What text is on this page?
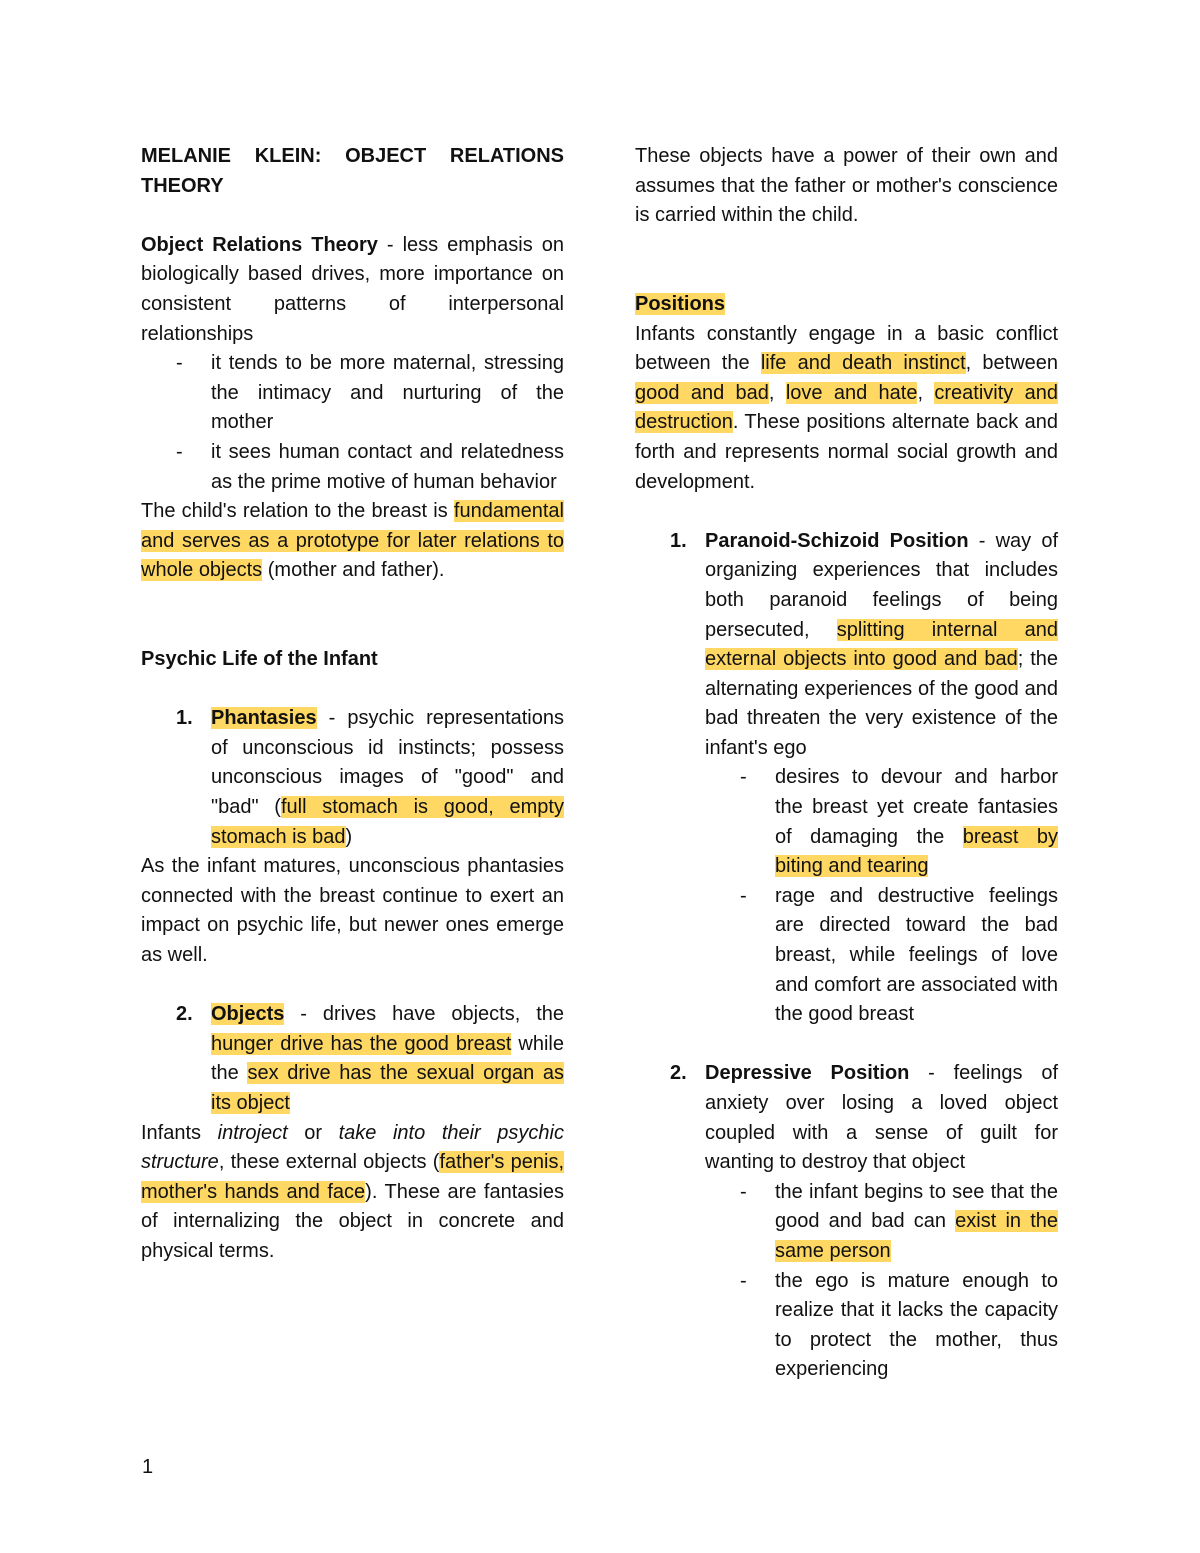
MELANIE KLEIN: OBJECT RELATIONS THEORY

Object Relations Theory - less emphasis on biologically based drives, more importance on consistent patterns of interpersonal relationships

- it tends to be more maternal, stressing the intimacy and nurturing of the mother
- it sees human contact and relatedness as the prime motive of human behavior

The child's relation to the breast is fundamental and serves as a prototype for later relations to whole objects (mother and father).

Psychic Life of the Infant

1. Phantasies - psychic representations of unconscious id instincts; possess unconscious images of "good" and "bad" (full stomach is good, empty stomach is bad)

As the infant matures, unconscious phantasies connected with the breast continue to exert an impact on psychic life, but newer ones emerge as well.

2. Objects - drives have objects, the hunger drive has the good breast while the sex drive has the sexual organ as its object

Infants introject or take into their psychic structure, these external objects (father's penis, mother's hands and face). These are fantasies of internalizing the object in concrete and physical terms.

These objects have a power of their own and assumes that the father or mother's conscience is carried within the child.

Positions

Infants constantly engage in a basic conflict between the life and death instinct, between good and bad, love and hate, creativity and destruction. These positions alternate back and forth and represents normal social growth and development.

1. Paranoid-Schizoid Position - way of organizing experiences that includes both paranoid feelings of being persecuted, splitting internal and external objects into good and bad; the alternating experiences of the good and bad threaten the very existence of the infant's ego
- desires to devour and harbor the breast yet create fantasies of damaging the breast by biting and tearing
- rage and destructive feelings are directed toward the bad breast, while feelings of love and comfort are associated with the good breast
2. Depressive Position - feelings of anxiety over losing a loved object coupled with a sense of guilt for wanting to destroy that object
- the infant begins to see that the good and bad can exist in the same person
- the ego is mature enough to realize that it lacks the capacity to protect the mother, thus experiencing
1
